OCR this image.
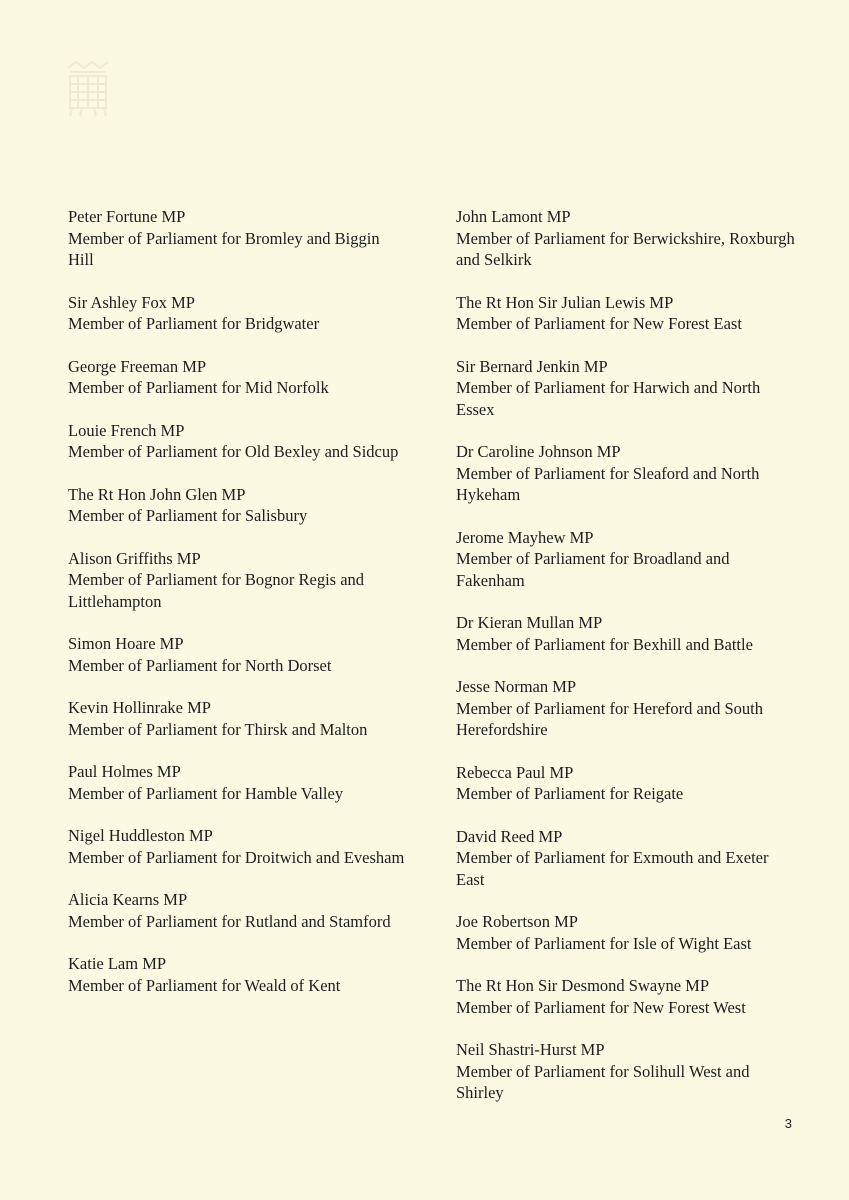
Peter Fortune MP
Member of Parliament for Bromley and Biggin Hill
Sir Ashley Fox MP
Member of Parliament for Bridgwater
George Freeman MP
Member of Parliament for Mid Norfolk
Louie French MP
Member of Parliament for Old Bexley and Sidcup
The Rt Hon John Glen MP
Member of Parliament for Salisbury
Alison Griffiths MP
Member of Parliament for Bognor Regis and Littlehampton
Simon Hoare MP
Member of Parliament for North Dorset
Kevin Hollinrake MP
Member of Parliament for Thirsk and Malton
Paul Holmes MP
Member of Parliament for Hamble Valley
Nigel Huddleston MP
Member of Parliament for Droitwich and Evesham
Alicia Kearns MP
Member of Parliament for Rutland and Stamford
Katie Lam MP
Member of Parliament for Weald of Kent
John Lamont MP
Member of Parliament for Berwickshire, Roxburgh and Selkirk
The Rt Hon Sir Julian Lewis MP
Member of Parliament for New Forest East
Sir Bernard Jenkin MP
Member of Parliament for Harwich and North Essex
Dr Caroline Johnson MP
Member of Parliament for Sleaford and North Hykeham
Jerome Mayhew MP
Member of Parliament for Broadland and Fakenham
Dr Kieran Mullan MP
Member of Parliament for Bexhill and Battle
Jesse Norman MP
Member of Parliament for Hereford and South Herefordshire
Rebecca Paul MP
Member of Parliament for Reigate
David Reed MP
Member of Parliament for Exmouth and Exeter East
Joe Robertson MP
Member of Parliament for Isle of Wight East
The Rt Hon Sir Desmond Swayne MP
Member of Parliament for New Forest West
Neil Shastri-Hurst MP
Member of Parliament for Solihull West and Shirley
3
